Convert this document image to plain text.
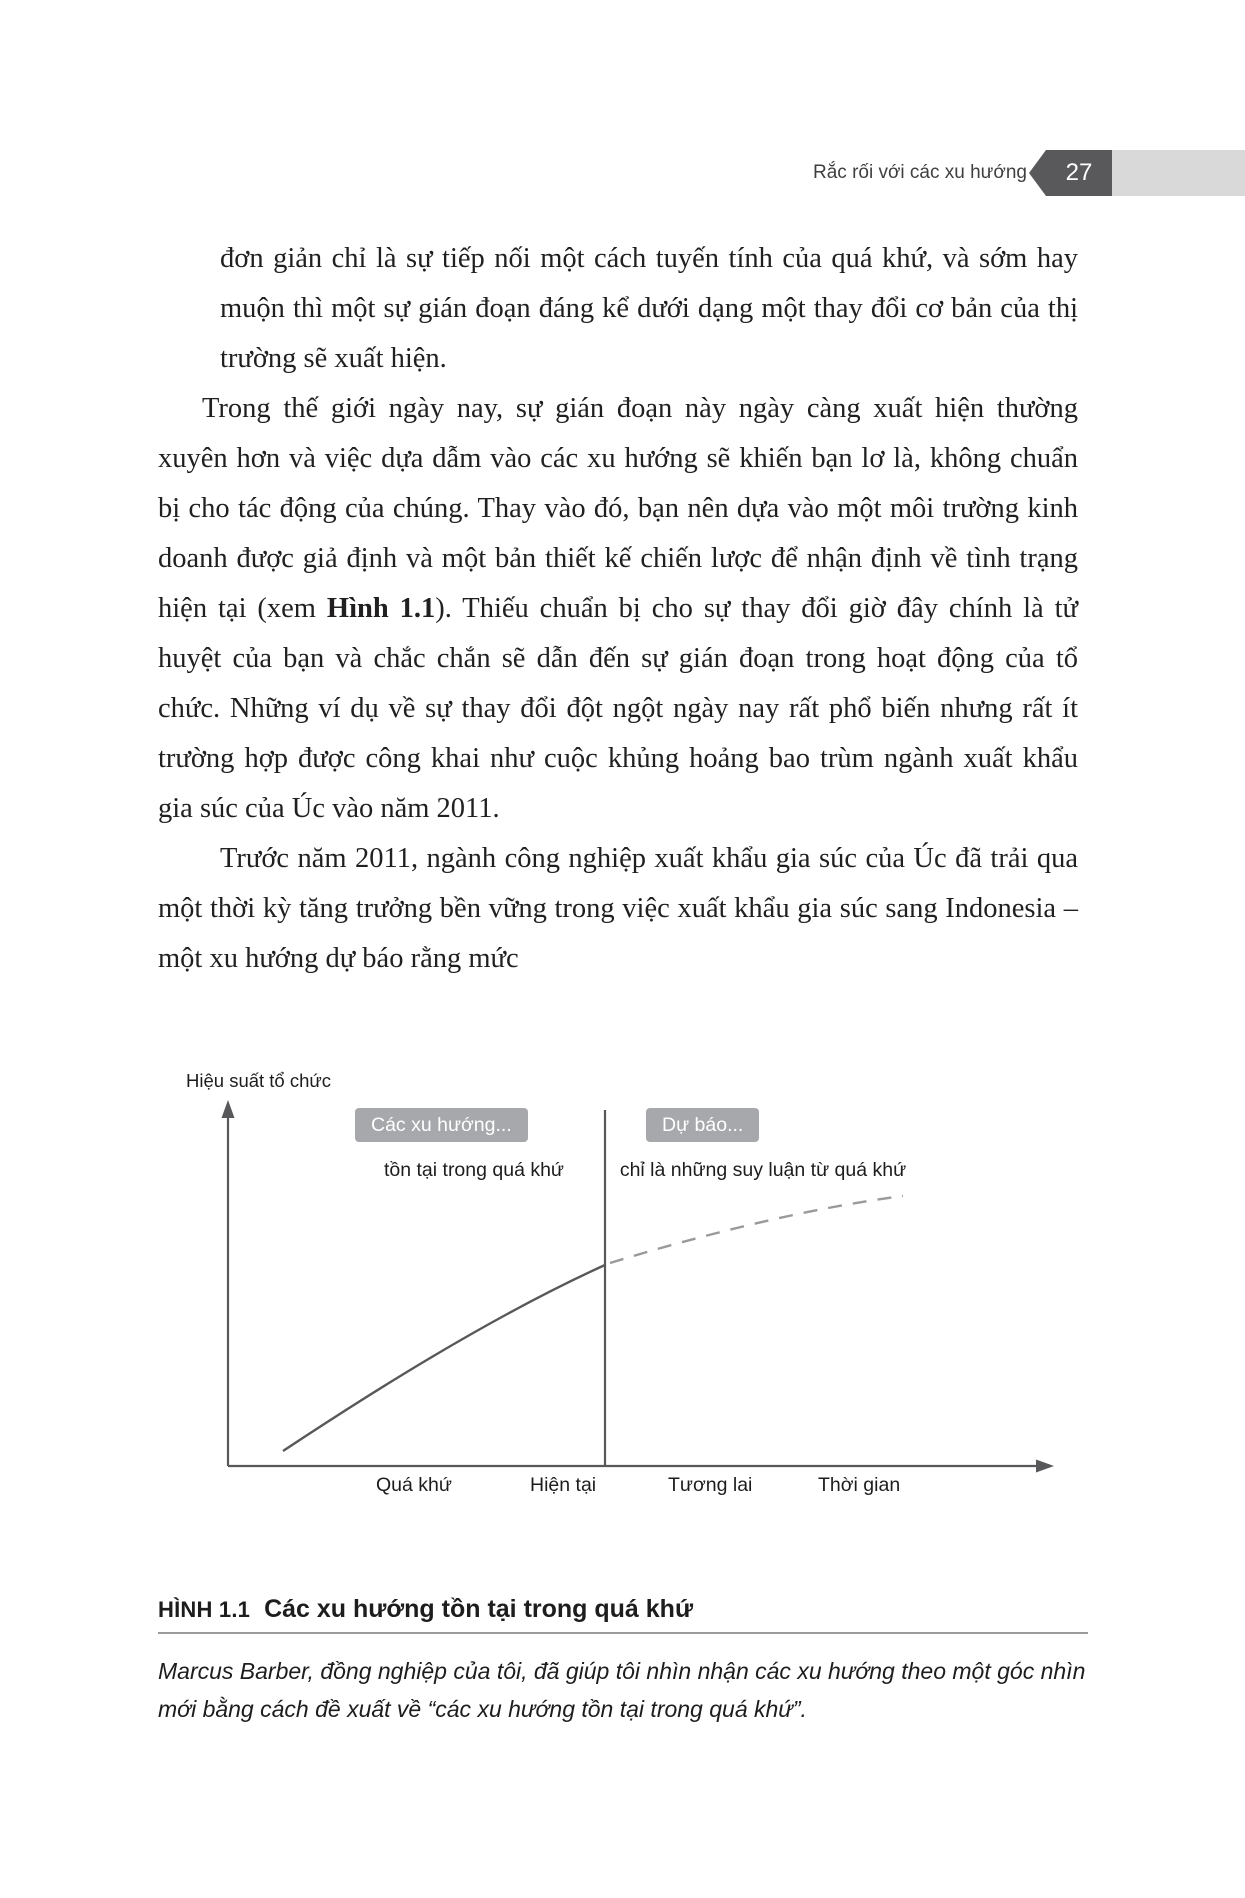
27
Rắc rối với các xu hướng

đơn giản chỉ là sự tiếp nối một cách tuyến tính của quá khứ, và sớm hay muộn thì một sự gián đoạn đáng kể dưới dạng một thay đổi cơ bản của thị trường sẽ xuất hiện.

Trong thế giới ngày nay, sự gián đoạn này ngày càng xuất hiện thường xuyên hơn và việc dựa dẫm vào các xu hướng sẽ khiến bạn lơ là, không chuẩn bị cho tác động của chúng. Thay vào đó, bạn nên dựa vào một môi trường kinh doanh được giả định và một bản thiết kế chiến lược để nhận định về tình trạng hiện tại (xem Hình 1.1). Thiếu chuẩn bị cho sự thay đổi giờ đây chính là tử huyệt của bạn và chắc chắn sẽ dẫn đến sự gián đoạn trong hoạt động của tổ chức. Những ví dụ về sự thay đổi đột ngột ngày nay rất phổ biến nhưng rất ít trường hợp được công khai như cuộc khủng hoảng bao trùm ngành xuất khẩu gia súc của Úc vào năm 2011.

Trước năm 2011, ngành công nghiệp xuất khẩu gia súc của Úc đã trải qua một thời kỳ tăng trưởng bền vững trong việc xuất khẩu gia súc sang Indonesia – một xu hướng dự báo rằng mức

Hiệu suất tổ chức
Các xu hướng...	Dự báo...
tồn tại trong quá khứ	chỉ là những suy luận từ quá khứ
Quá khứ	Hiện tại	Tương lai	Thời gian
HÌNH 1.1 Các xu hướng tồn tại trong quá khứ
Marcus Barber, đồng nghiệp của tôi, đã giúp tôi nhìn nhận các xu hướng theo một góc nhìn mới bằng cách đề xuất về “các xu hướng tồn tại trong quá khứ”.
